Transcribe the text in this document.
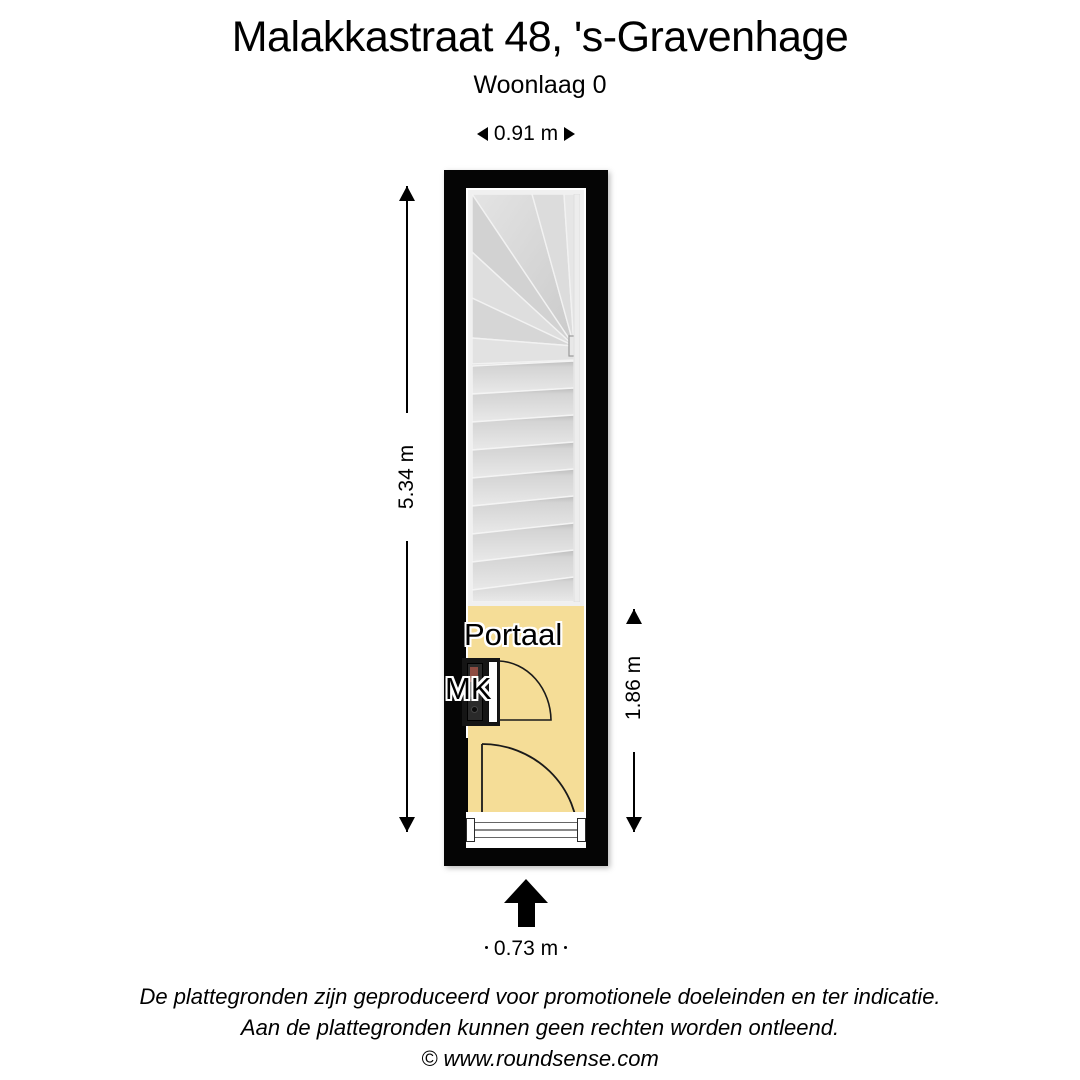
Malakkastraat 48, 's-Gravenhage
Woonlaag 0
0.91 m
5.34 m
1.86 m
Portaal
MK
0.73 m
De plattegronden zijn geproduceerd voor promotionele doeleinden en ter indicatie.
Aan de plattegronden kunnen geen rechten worden ontleend.
© www.roundsense.com
